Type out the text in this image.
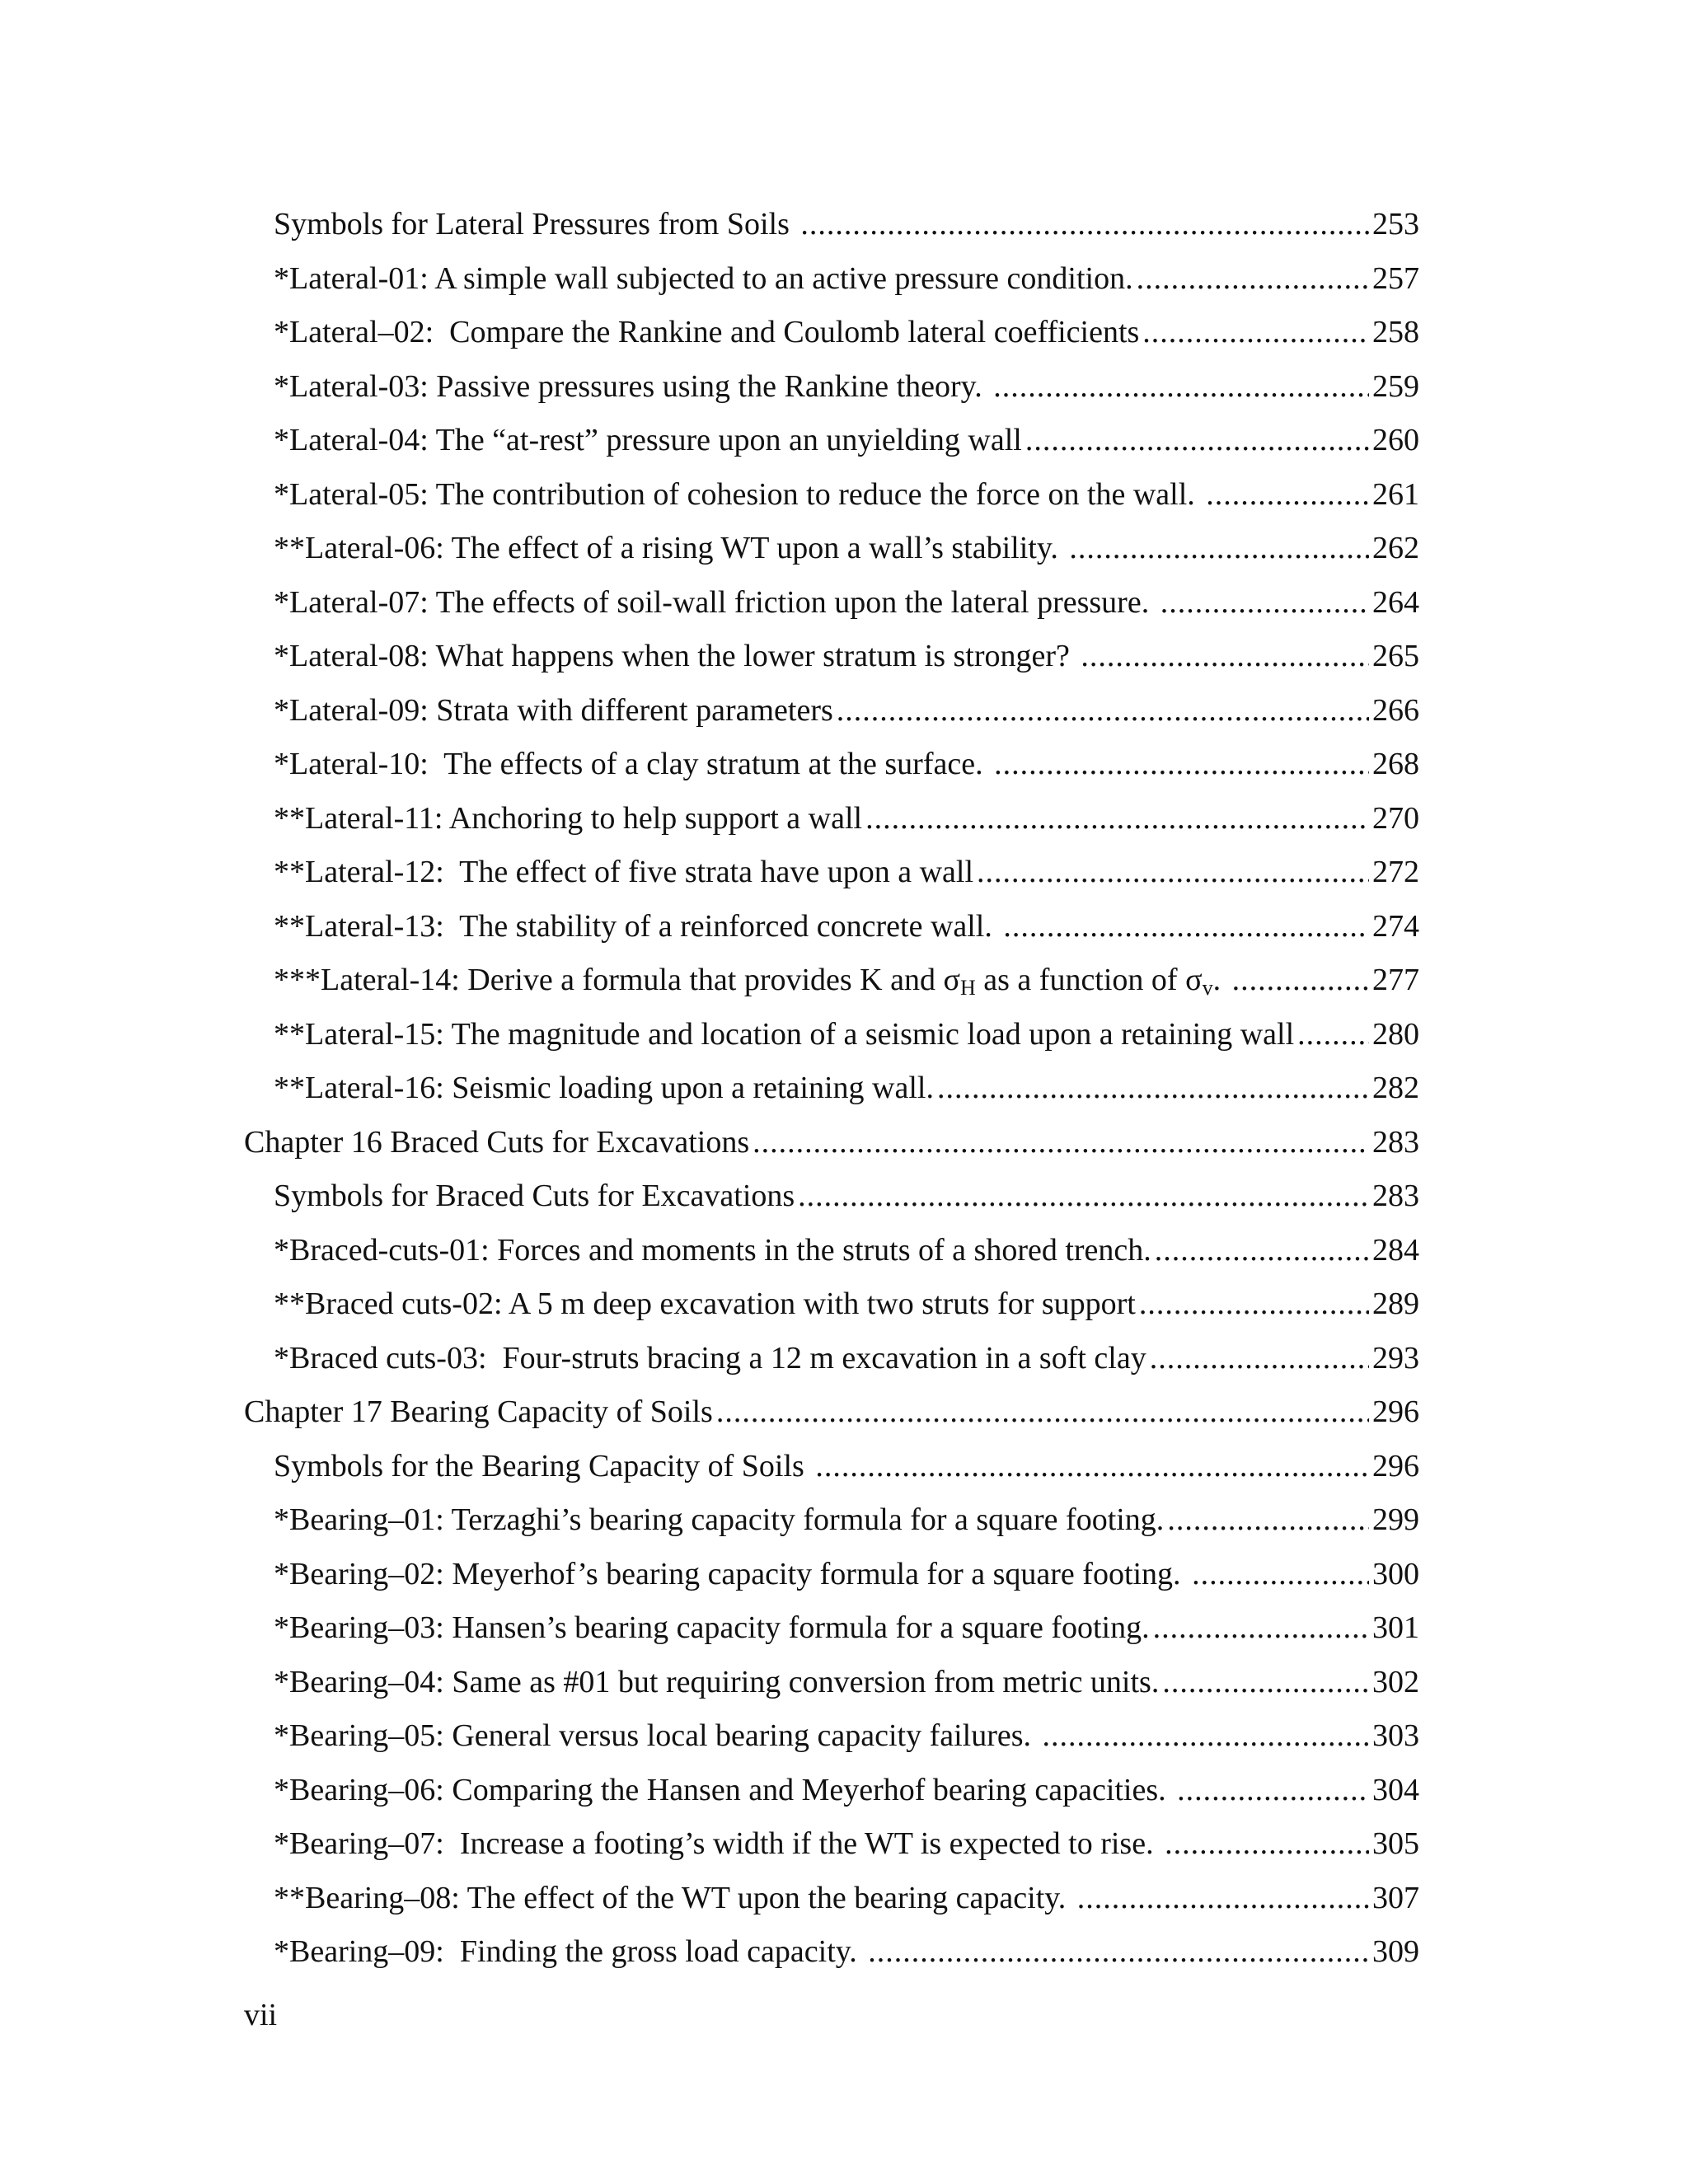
Symbols for Lateral Pressures from Soils .....	253
*Lateral-01: A simple wall subjected to an active pressure condition. .....	257
*Lateral–02:  Compare the Rankine and Coulomb lateral coefficients .....	258
*Lateral-03: Passive pressures using the Rankine theory. .....	259
*Lateral-04: The “at-rest” pressure upon an unyielding wall .....	260
*Lateral-05: The contribution of cohesion to reduce the force on the wall. .....	261
**Lateral-06: The effect of a rising WT upon a wall’s stability. .....	262
*Lateral-07: The effects of soil-wall friction upon the lateral pressure. .....	264
*Lateral-08: What happens when the lower stratum is stronger? .....	265
*Lateral-09: Strata with different parameters .....	266
*Lateral-10:  The effects of a clay stratum at the surface. .....	268
**Lateral-11: Anchoring to help support a wall .....	270
**Lateral-12:  The effect of five strata have upon a wall .....	272
**Lateral-13:  The stability of a reinforced concrete wall. .....	274
***Lateral-14: Derive a formula that provides K and $\sigma_H$ as a function of $\sigma_v$. .....	277
**Lateral-15: The magnitude and location of a seismic load upon a retaining wall ..... 280
**Lateral-16: Seismic loading upon a retaining wall. .....	282
Chapter 16 Braced Cuts for Excavations .....	283
Symbols for Braced Cuts for Excavations .....	283
*Braced-cuts-01: Forces and moments in the struts of a shored trench. .....	284
**Braced cuts-02: A 5 m deep excavation with two struts for support .....	289
*Braced cuts-03:  Four-struts bracing a 12 m excavation in a soft clay .....	293
Chapter 17 Bearing Capacity of Soils .....	296
Symbols for the Bearing Capacity of Soils .....	296
*Bearing–01: Terzaghi’s bearing capacity formula for a square footing. .....	299
*Bearing–02: Meyerhof’s bearing capacity formula for a square footing. .....	300
*Bearing–03: Hansen’s bearing capacity formula for a square footing. .....	301
*Bearing–04: Same as #01 but requiring conversion from metric units. .....	302
*Bearing–05: General versus local bearing capacity failures. .....	303
*Bearing–06: Comparing the Hansen and Meyerhof bearing capacities. .....	304
*Bearing–07:  Increase a footing’s width if the WT is expected to rise. .....	305
**Bearing–08: The effect of the WT upon the bearing capacity. .....	307
*Bearing–09:  Finding the gross load capacity. .....	309
vii
